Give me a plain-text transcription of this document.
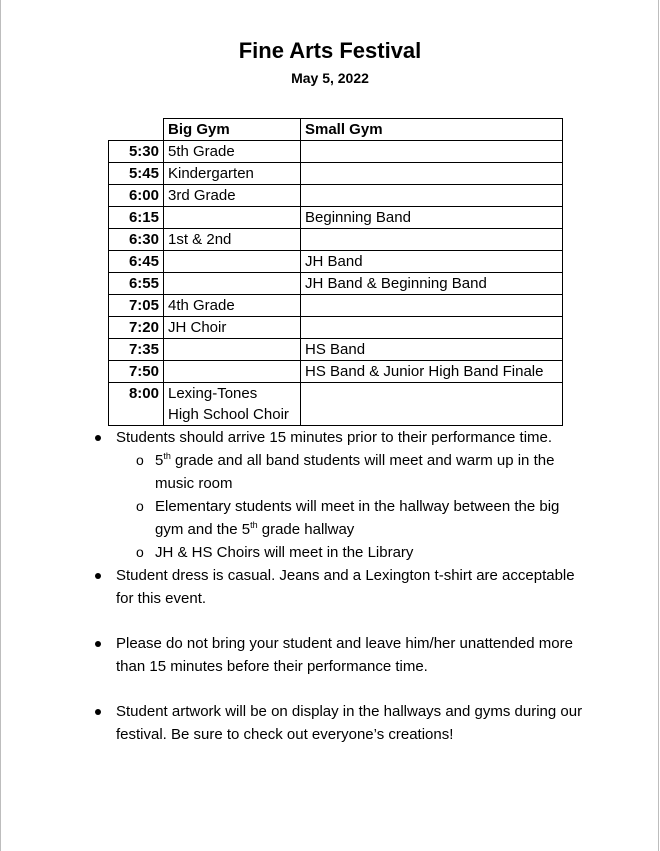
Fine Arts Festival

May 5, 2022

	Big Gym	Small Gym
5:30	5th Grade	
5:45	Kindergarten	
6:00	3rd Grade	
6:15		Beginning Band
6:30	1st & 2nd	
6:45		JH Band
6:55		JH Band & Beginning Band
7:05	4th Grade	
7:20	JH Choir	
7:35		HS Band
7:50		HS Band & Junior High Band Finale
8:00	Lexing-Tones
High School Choir	

Students should arrive 15 minutes prior to their performance time.
o 5th grade and all band students will meet and warm up in the music room
o Elementary students will meet in the hallway between the big gym and the 5th grade hallway
o JH & HS Choirs will meet in the Library
Student dress is casual. Jeans and a Lexington t-shirt are acceptable for this event.
Please do not bring your student and leave him/her unattended more than 15 minutes before their performance time.
Student artwork will be on display in the hallways and gyms during our festival. Be sure to check out everyone’s creations!
